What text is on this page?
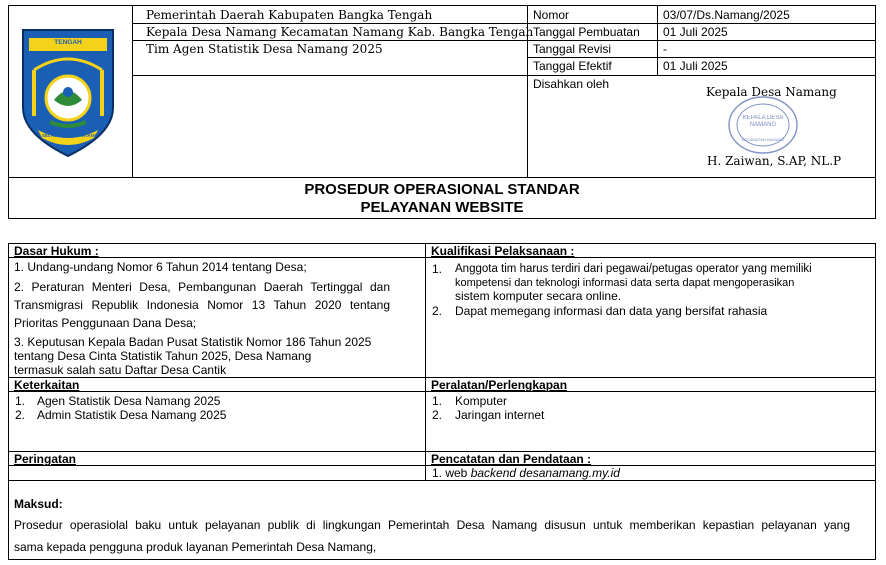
KABUPATEN BANGKA TENGAH
SELAWANG SEGANTANG
Pemerintah Daerah Kabupaten Bangka Tengah
Kepala Desa Namang Kecamatan Namang Kab. Bangka Tengah
Tim Agen Statistik Desa Namang 2025
Nomor	03/07/Ds.Namang/2025
Tanggal Pembuatan 01 Juli 2025
Tanggal Revisi	-
Tanggal Efektif	01 Juli 2025
Disahkan oleh
Kepala Desa Namang
KEPALA DESA NAMANG
KECAMATAN NAMANG
H. Zaiwan, S.AP, NL.P
PROSEDUR OPERASIONAL STANDAR
PELAYANAN WEBSITE
Dasar Hukum :
1. Undang-undang Nomor 6 Tahun 2014 tentang Desa;
2. Peraturan Menteri Desa, Pembangunan Daerah Tertinggal dan
Transmigrasi Republik Indonesia Nomor 13 Tahun 2020 tentang
Prioritas Penggunaan Dana Desa;
3. Keputusan Kepala Badan Pusat Statistik Nomor 186 Tahun 2025
tentang Desa Cinta Statistik Tahun 2025, Desa Namang
termasuk salah satu Daftar Desa Cantik
Kualifikasi Pelaksanaan :
1. Anggota tim harus terdiri dari pegawai/petugas operator yang memiliki
kompetensi dan teknologi informasi data serta dapat mengoperasikan
sistem komputer secara online.
2. Dapat memegang informasi dan data yang bersifat rahasia
Keterkaitan
1. Agen Statistik Desa Namang 2025
2. Admin Statistik Desa Namang 2025
Peralatan/Perlengkapan
1. Komputer
2. Jaringan internet
Peringatan	Pencatatan dan Pendataan :
1. web backend desanamang.my.id
Maksud:
Prosedur operasiolal baku untuk pelayanan publik di lingkungan Pemerintah Desa Namang disusun untuk memberikan kepastian pelayanan yang
sama kepada pengguna produk layanan Pemerintah Desa Namang,
